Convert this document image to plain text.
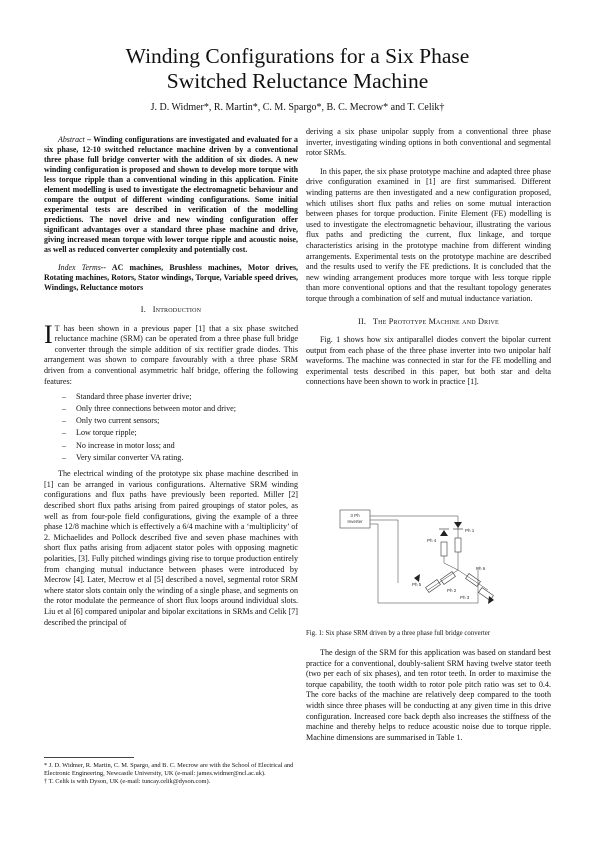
Winding Configurations for a Six Phase
Switched Reluctance Machine
J. D. Widmer*, R. Martin*, C. M. Spargo*, B. C. Mecrow* and T. Celik†

Abstract – Winding configurations are investigated and evaluated for a six phase, 12-10 switched reluctance machine driven by a conventional three phase full bridge converter with the addition of six diodes. A new winding configuration is proposed and shown to develop more torque with less torque ripple than a conventional winding in this application. Finite element modelling is used to investigate the electromagnetic behaviour and compare the output of different winding configurations. Some initial experimental tests are described in verification of the modelling predictions. The novel drive and new winding configuration offer significant advantages over a standard three phase machine and drive, giving increased mean torque with lower torque ripple and acoustic noise, as well as reduced converter complexity and potentially cost.

Index Terms-- AC machines, Brushless machines, Motor drives, Rotating machines, Rotors, Stator windings, Torque, Variable speed drives, Windings, Reluctance motors

I. Introduction

I T has been shown in a previous paper [1] that a six phase switched reluctance machine (SRM) can be operated from a three phase full bridge converter through the simple addition of six rectifier grade diodes. This arrangement was shown to compare favourably with a three phase SRM driven from a conventional asymmetric half bridge, offering the following features:

– Standard three phase inverter drive;
– Only three connections between motor and drive;
– Only two current sensors;
– Low torque ripple;
– No increase in motor loss; and
– Very similar converter VA rating.

The electrical winding of the prototype six phase machine described in [1] can be arranged in various configurations. Alternative SRM winding configurations and flux paths have previously been reported. Miller [2] described short flux paths arising from paired groupings of stator poles, as well as from four-pole field configurations, giving the example of a three phase 12/8 machine which is effectively a 6/4 machine with a ‘multiplicity’ of 2. Michaelides and Pollock described five and seven phase machines with short flux paths arising from adjacent stator poles with opposing magnetic polarities, [3]. Fully pitched windings giving rise to torque production entirely from changing mutual inductance between phases were introduced by Mecrow [4]. Later, Mecrow et al [5] described a novel, segmental rotor SRM where stator slots contain only the winding of a single phase, and segments on the rotor modulate the permeance of short flux loops around individual slots. Liu et al [6] compared unipolar and bipolar excitations in SRMs and Celik [7] described the principal of

* J. D. Widmer, R. Martin, C. M. Spargo, and B. C. Mecrow are with the School of Electrical and Electronic Engineering, Newcastle University, UK (e-mail: james.widmer@ncl.ac.uk).
† T. Celik is with Dyson, UK (e-mail: tuncay.celik@dyson.com).

deriving a six phase unipolar supply from a conventional three phase inverter, investigating winding options in both conventional and segmental rotor SRMs.

In this paper, the six phase prototype machine and adapted three phase drive configuration examined in [1] are first summarised. Different winding patterns are then investigated and a new configuration proposed, which utilises short flux paths and relies on some mutual interaction between phases for torque production. Finite Element (FE) modelling is used to investigate the electromagnetic behaviour, illustrating the various flux paths and predicting the current, flux linkage, and torque characteristics arising in the prototype machine from different winding arrangements. Experimental tests on the prototype machine are described and the results used to verify the FE predictions. It is concluded that the new winding arrangement produces more torque with less torque ripple than more conventional options and that the resultant topology generates torque through a combination of self and mutual inductance variation.

II. The Prototype Machine and Drive

Fig. 1 shows how six antiparallel diodes convert the bipolar current output from each phase of the three phase inverter into two unipolar half waveforms. The machine was connected in star for the FE modelling and experimental tests described in this paper, but both star and delta connections have been shown to work in practice [1].

3 Ph
Inverter
Ph 1
Ph 4
Ph 5
Ph 2
Ph 6
Ph 3
Fig. 1: Six phase SRM driven by a three phase full bridge converter

The design of the SRM for this application was based on standard best practice for a conventional, doubly-salient SRM having twelve stator teeth (two per each of six phases), and ten rotor teeth. In order to maximise the torque capability, the tooth width to rotor pole pitch ratio was set to 0.4. The core backs of the machine are relatively deep compared to the tooth width since three phases will be conducting at any given time in this drive configuration. Increased core back depth also increases the stiffness of the machine and thereby helps to reduce acoustic noise due to torque ripple. Machine dimensions are summarised in Table 1.
